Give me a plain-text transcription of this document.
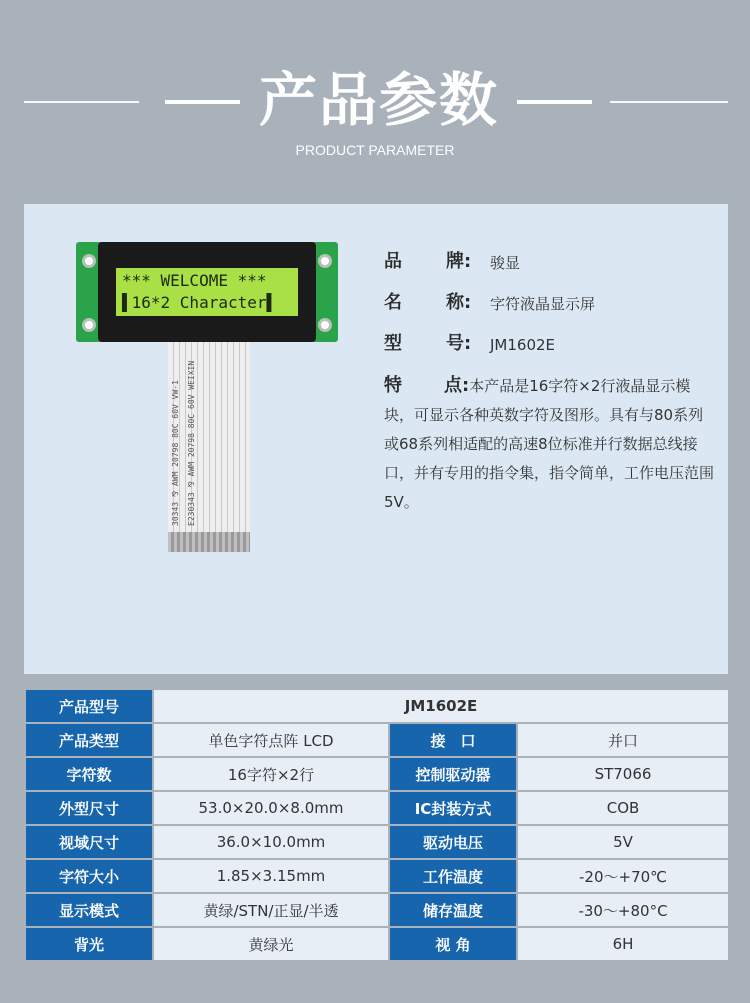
产品参数
PRODUCT PARAMETER
30343 ⅋ AWM 20798 80C 60V VW-1 E230343 ⅋ AWM 20798 80C 60V WEIXIN
*** WELCOME ***
▌16*2 Character▌
品 牌: 骏显
名 称: 字符液晶显示屏
型 号: JM1602E
特 点:本产品是16字符×2行液晶显示模块，可显示各种英数字符及图形。具有与80系列或68系列相适配的高速8位标准并行数据总线接口，并有专用的指令集，指令简单，工作电压范围5V。
产品型号	JM1602E		
产品类型	单色字符点阵 LCD	接　口	并口
字符数	16字符×2行	控制驱动器	ST7066
外型尺寸	53.0×20.0×8.0mm	IC封装方式	COB
视域尺寸	36.0×10.0mm	驱动电压	5V
字符大小	1.85×3.15mm	工作温度	-20～+70℃
显示模式	黄绿/STN/正显/半透	储存温度	-30～+80°C
背光	黄绿光	视 角	6H
